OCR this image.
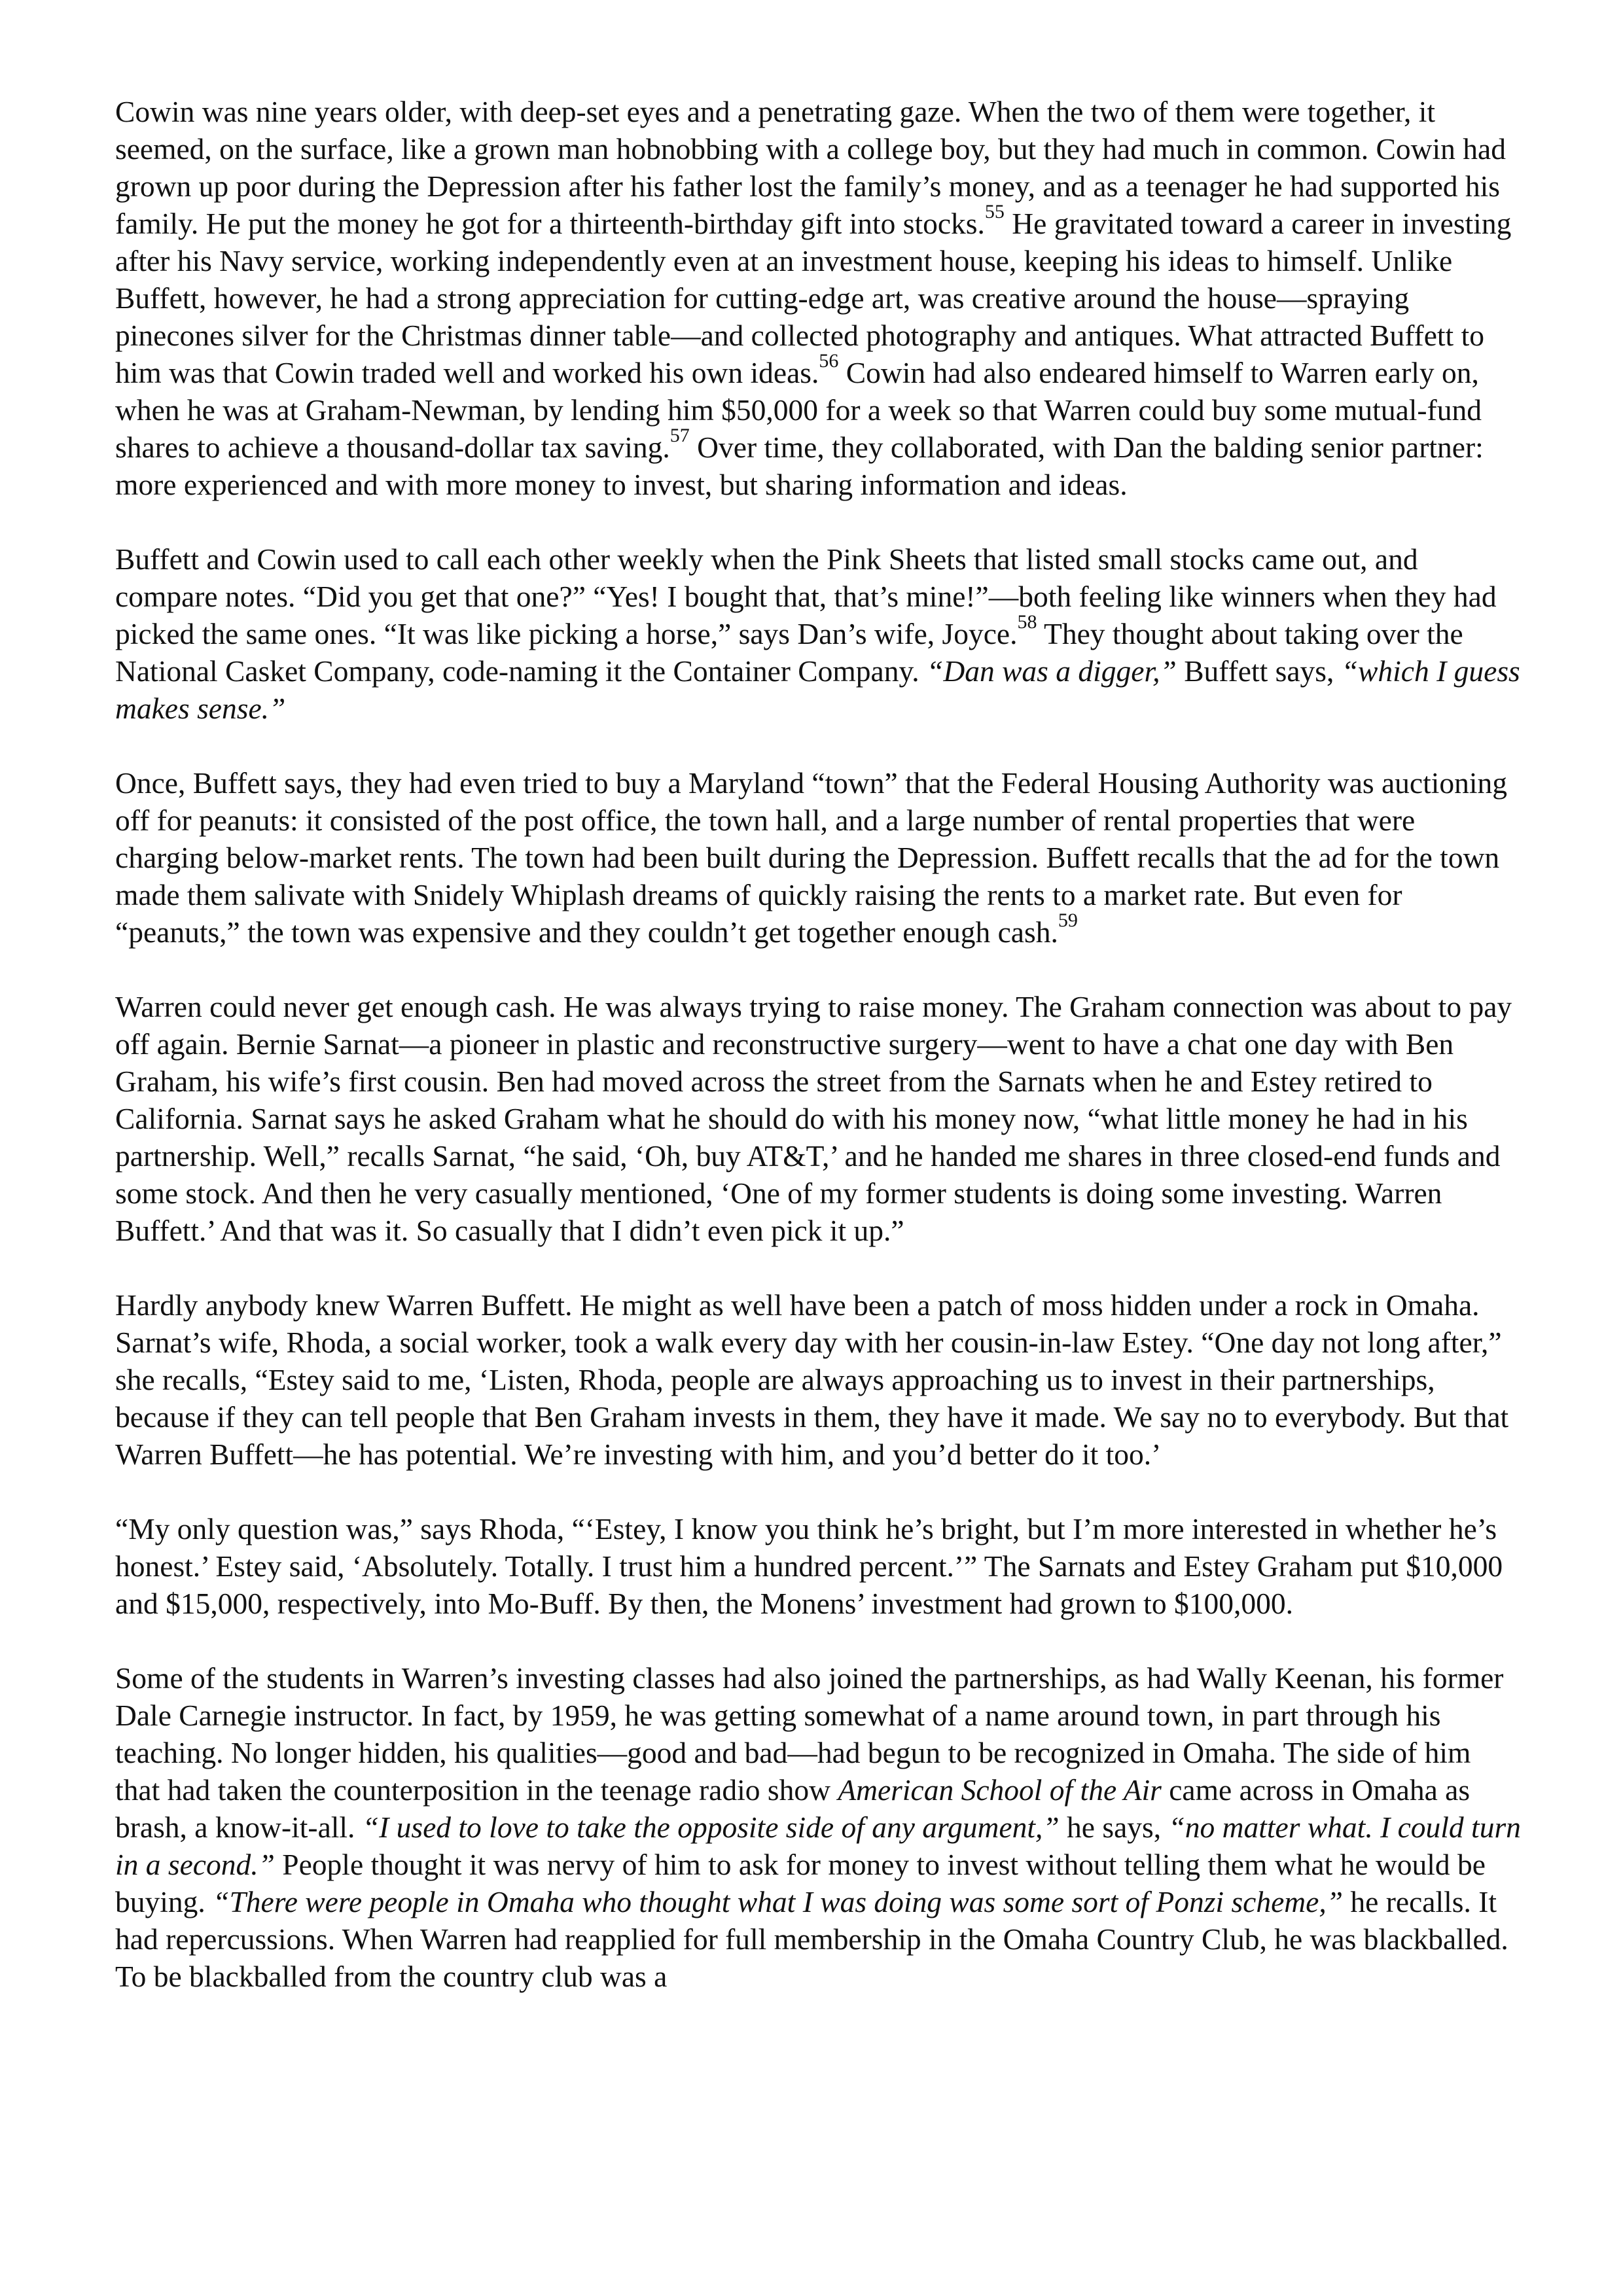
Cowin was nine years older, with deep-set eyes and a penetrating gaze. When the two of them were together, it seemed, on the surface, like a grown man hobnobbing with a college boy, but they had much in common. Cowin had grown up poor during the Depression after his father lost the family’s money, and as a teenager he had supported his family. He put the money he got for a thirteenth-birthday gift into stocks.$^{55}$ He gravitated toward a career in investing after his Navy service, working independently even at an investment house, keeping his ideas to himself. Unlike Buffett, however, he had a strong appreciation for cutting-edge art, was creative around the house—spraying pinecones silver for the Christmas dinner table—and collected photography and antiques. What attracted Buffett to him was that Cowin traded well and worked his own ideas.$^{56}$ Cowin had also endeared himself to Warren early on, when he was at Graham-Newman, by lending him $50,000 for a week so that Warren could buy some mutual-fund shares to achieve a thousand-dollar tax saving.$^{57}$ Over time, they collaborated, with Dan the balding senior partner: more experienced and with more money to invest, but sharing information and ideas.

Buffett and Cowin used to call each other weekly when the Pink Sheets that listed small stocks came out, and compare notes. “Did you get that one?” “Yes! I bought that, that’s mine!”—both feeling like winners when they had picked the same ones. “It was like picking a horse,” says Dan’s wife, Joyce.$^{58}$ They thought about taking over the National Casket Company, code-naming it the Container Company. “Dan was a digger,” Buffett says, “which I guess makes sense.”

Once, Buffett says, they had even tried to buy a Maryland “town” that the Federal Housing Authority was auctioning off for peanuts: it consisted of the post office, the town hall, and a large number of rental properties that were charging below-market rents. The town had been built during the Depression. Buffett recalls that the ad for the town made them salivate with Snidely Whiplash dreams of quickly raising the rents to a market rate. But even for “peanuts,” the town was expensive and they couldn’t get together enough cash.$^{59}$

Warren could never get enough cash. He was always trying to raise money. The Graham connection was about to pay off again. Bernie Sarnat—a pioneer in plastic and reconstructive surgery—went to have a chat one day with Ben Graham, his wife’s first cousin. Ben had moved across the street from the Sarnats when he and Estey retired to California. Sarnat says he asked Graham what he should do with his money now, “what little money he had in his partnership. Well,” recalls Sarnat, “he said, ‘Oh, buy AT&T,’ and he handed me shares in three closed-end funds and some stock. And then he very casually mentioned, ‘One of my former students is doing some investing. Warren Buffett.’ And that was it. So casually that I didn’t even pick it up.”

Hardly anybody knew Warren Buffett. He might as well have been a patch of moss hidden under a rock in Omaha. Sarnat’s wife, Rhoda, a social worker, took a walk every day with her cousin-in-law Estey. “One day not long after,” she recalls, “Estey said to me, ‘Listen, Rhoda, people are always approaching us to invest in their partnerships, because if they can tell people that Ben Graham invests in them, they have it made. We say no to everybody. But that Warren Buffett—he has potential. We’re investing with him, and you’d better do it too.’

“My only question was,” says Rhoda, “‘Estey, I know you think he’s bright, but I’m more interested in whether he’s honest.’ Estey said, ‘Absolutely. Totally. I trust him a hundred percent.’” The Sarnats and Estey Graham put $10,000 and $15,000, respectively, into Mo-Buff. By then, the Monens’ investment had grown to $100,000.

Some of the students in Warren’s investing classes had also joined the partnerships, as had Wally Keenan, his former Dale Carnegie instructor. In fact, by 1959, he was getting somewhat of a name around town, in part through his teaching. No longer hidden, his qualities—good and bad—had begun to be recognized in Omaha. The side of him that had taken the counterposition in the teenage radio show American School of the Air came across in Omaha as brash, a know-it-all. “I used to love to take the opposite side of any argument,” he says, “no matter what. I could turn in a second.” People thought it was nervy of him to ask for money to invest without telling them what he would be buying. “There were people in Omaha who thought what I was doing was some sort of Ponzi scheme,” he recalls. It had repercussions. When Warren had reapplied for full membership in the Omaha Country Club, he was blackballed. To be blackballed from the country club was a
